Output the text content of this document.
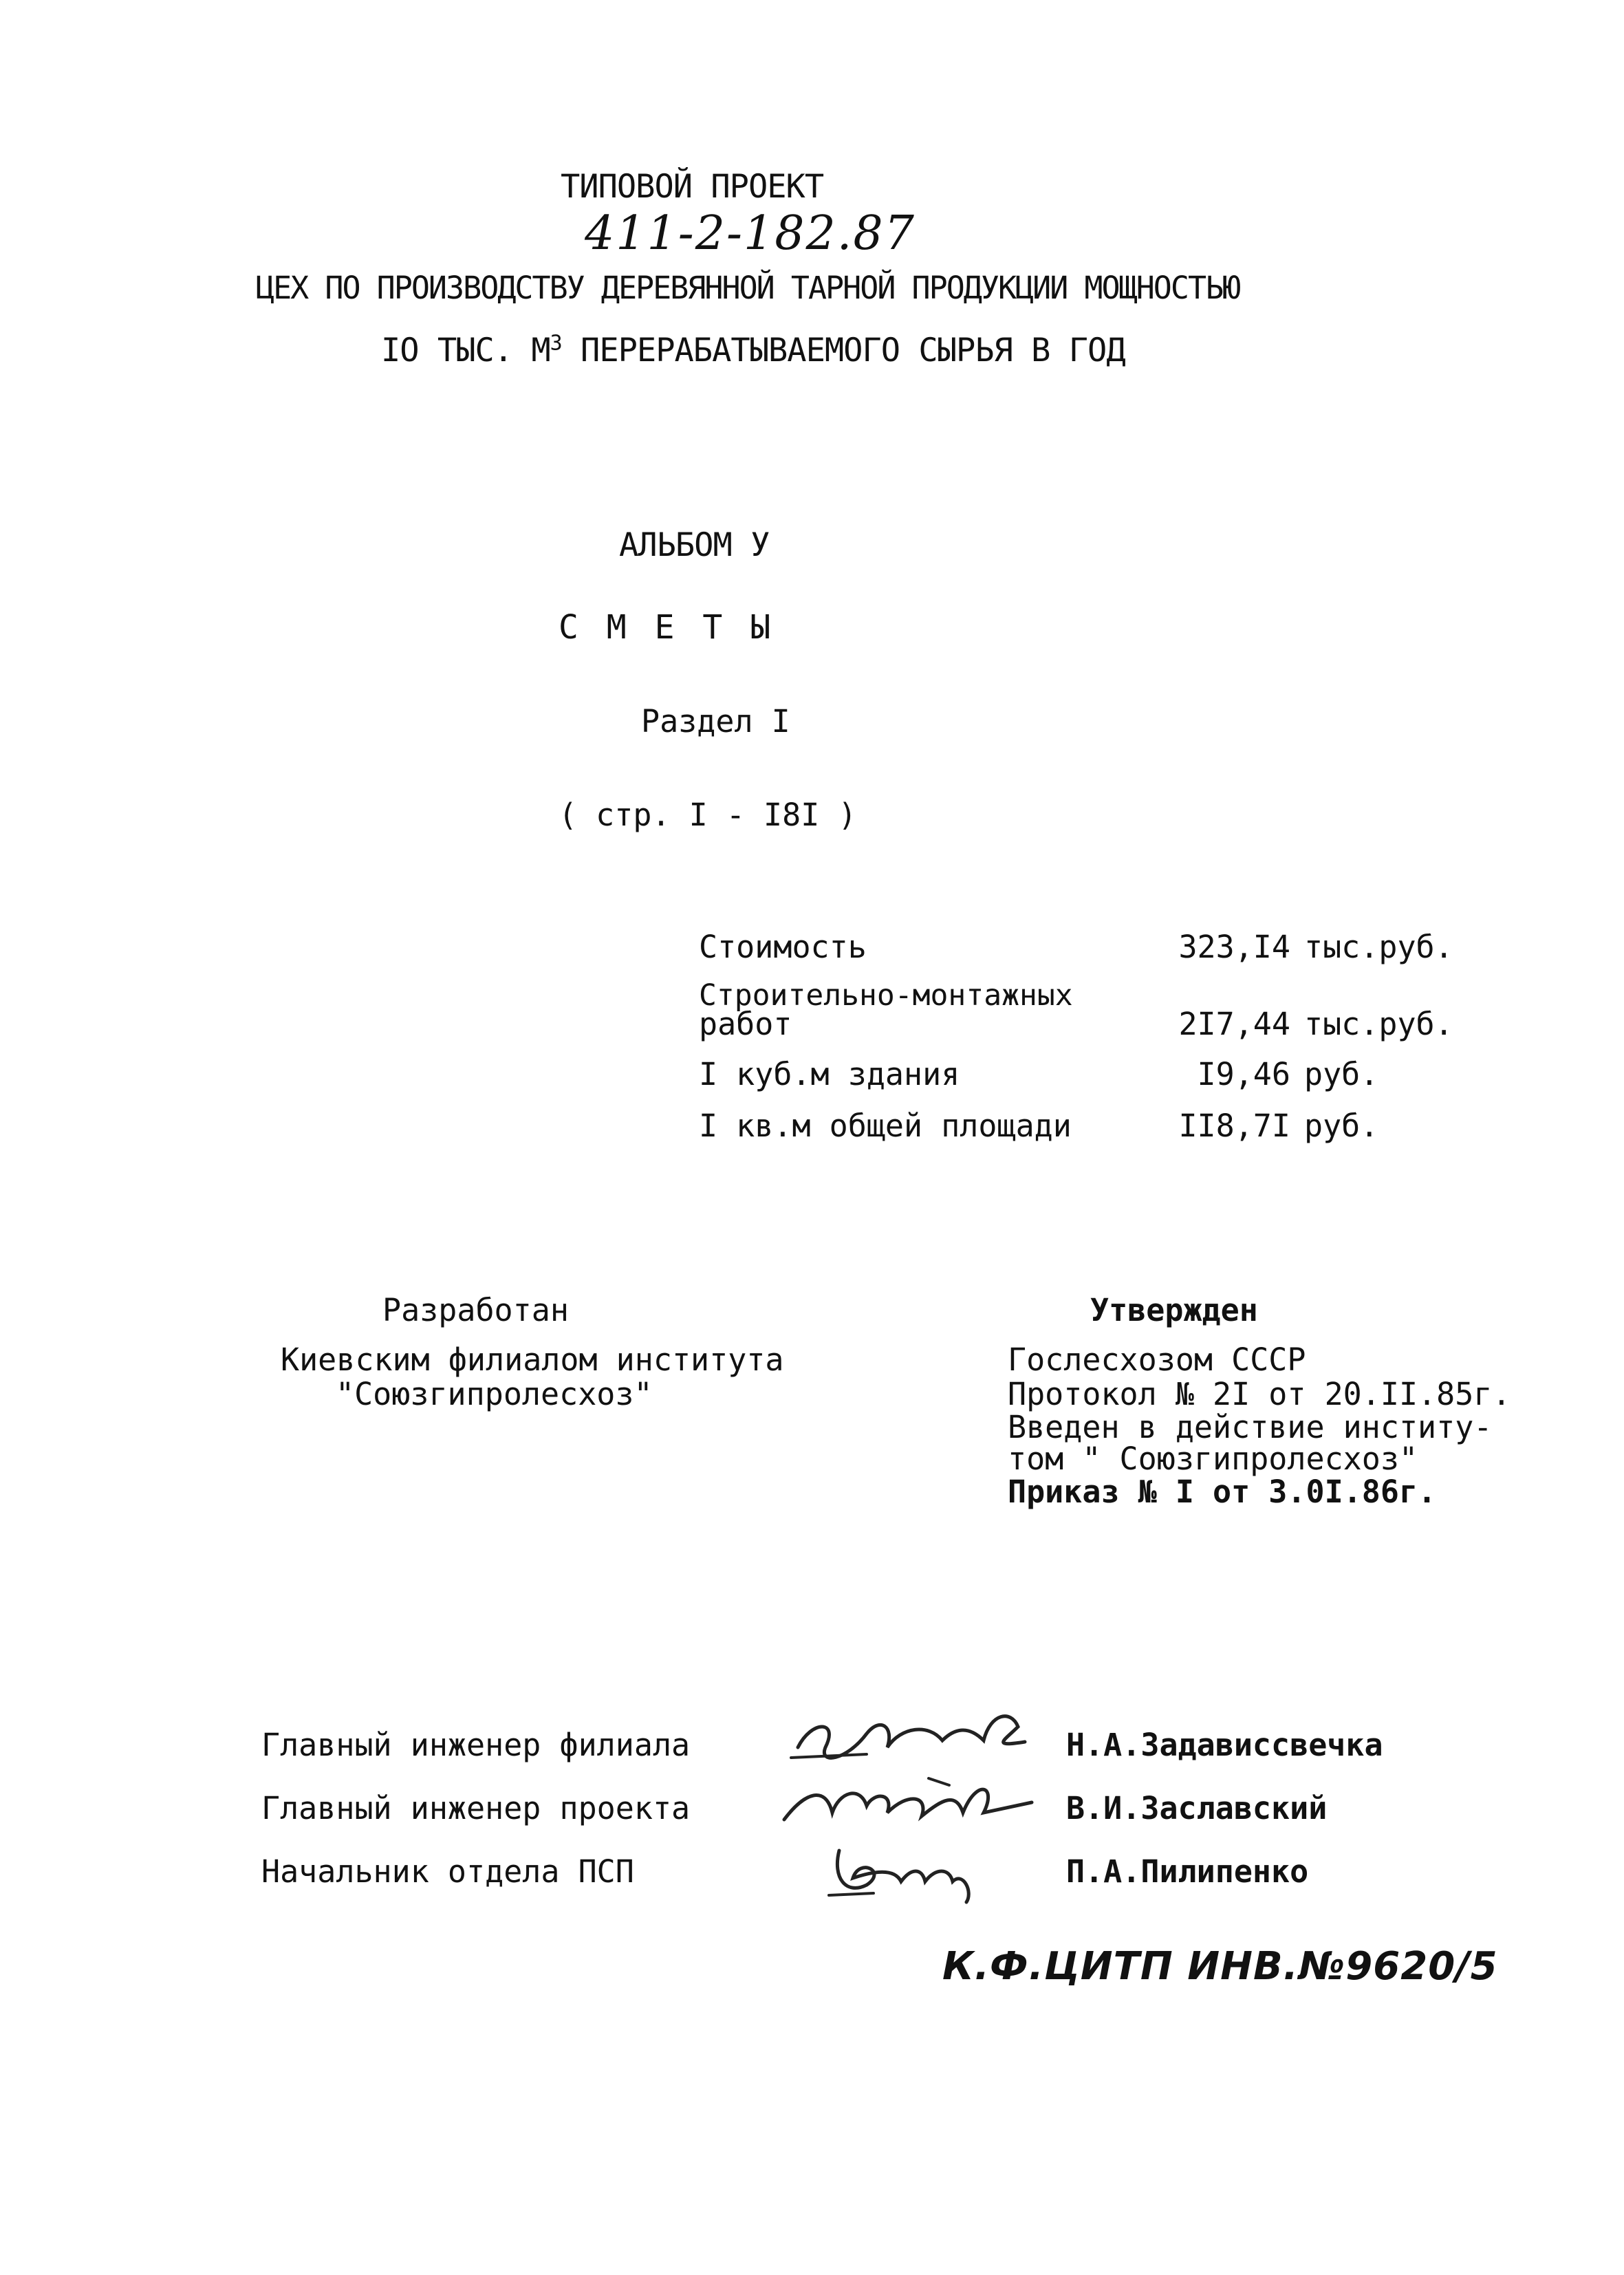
ТИПОВОЙ ПРОЕКТ
411-2-182.87
ЦЕХ ПО ПРОИЗВОДСТВУ ДЕРЕВЯННОЙ ТАРНОЙ ПРОДУКЦИИ МОЩНОСТЬЮ
IO ТЫС. $М^3$ ПЕРЕРАБАТЫВАЕМОГО СЫРЬЯ В ГОД
АЛЬБОМ У
С М Е Т Ы
Раздел I
( стр. I - I8I )
Стоимость	323,I4 тыс.руб.
Строительно-монтажных
работ	2I7,44 тыс.руб.
I куб.м здания	I9,46 руб.
I кв.м общей площади	II8,7I руб.
Разработан
Киевским филиалом института
"Союзгипролесхоз"
Утвержден
Гослесхозом СССР
Протокол № 2I от 20.II.85г.
Введен в действие институ-
том " Союзгипролесхоз"
Приказ № I от 3.0I.86г.
Главный инженер филиала	Н.А.Задависсвечка
Главный инженер проекта	В.И.Заславский
Начальник отдела ПСП	П.А.Пилипенко
К.Ф.ЦИТП ИНВ.№9620/5
